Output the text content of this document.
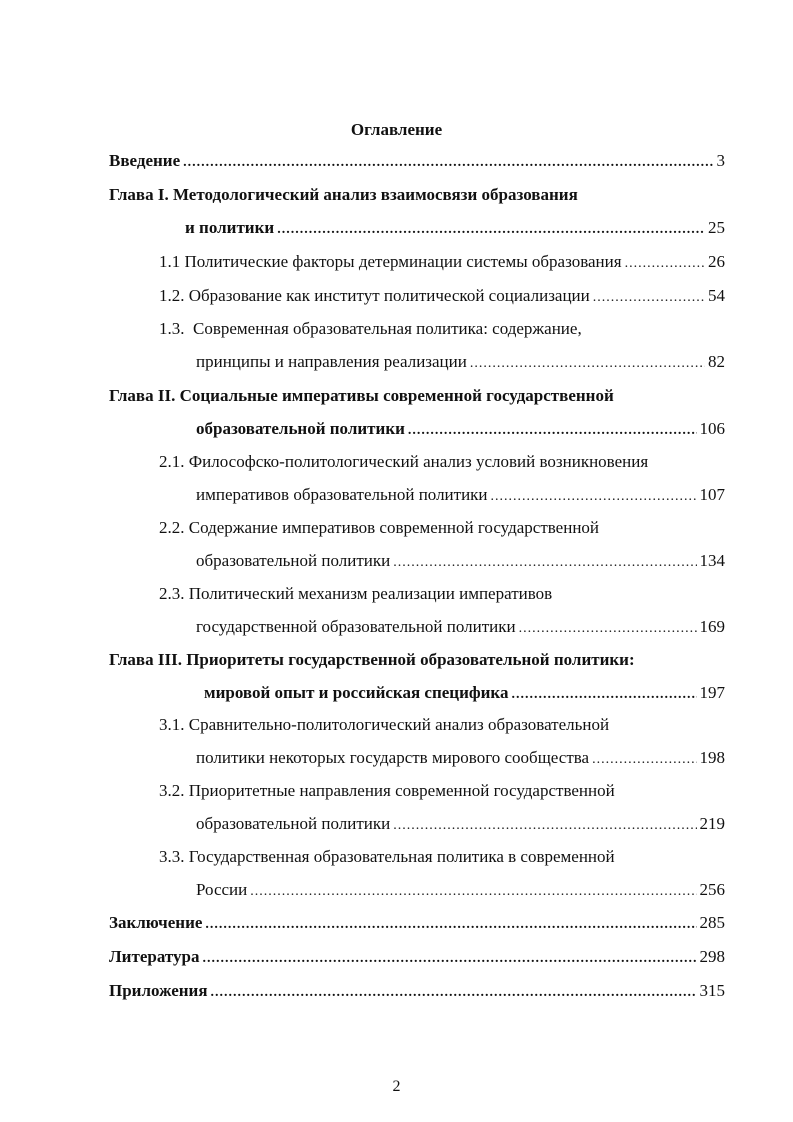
Оглавление
Введение .....	3
Глава I. Методологический анализ взаимосвязи образования
и политики .....	25
1.1 Политические факторы детерминации системы образования .....	26
1.2. Образование как институт политической социализации .....	54
1.3.  Современная образовательная политика: содержание,
принципы и направления реализации .....	82
Глава II. Социальные императивы современной государственной
образовательной политики .....	106
2.1. Философско-политологический анализ условий возникновения
императивов образовательной политики .....	107
2.2. Содержание императивов современной государственной
образовательной политики .....	134
2.3. Политический механизм реализации императивов
государственной образовательной политики .....	169
Глава III. Приоритеты государственной образовательной политики:
мировой опыт и российская специфика .....	197
3.1. Сравнительно-политологический анализ образовательной
политики некоторых государств мирового сообщества .....	198
3.2. Приоритетные направления современной государственной
образовательной политики .....	219
3.3. Государственная образовательная политика в современной
России .....	256
Заключение .....	285
Литература .....	298
Приложения .....	315
2
